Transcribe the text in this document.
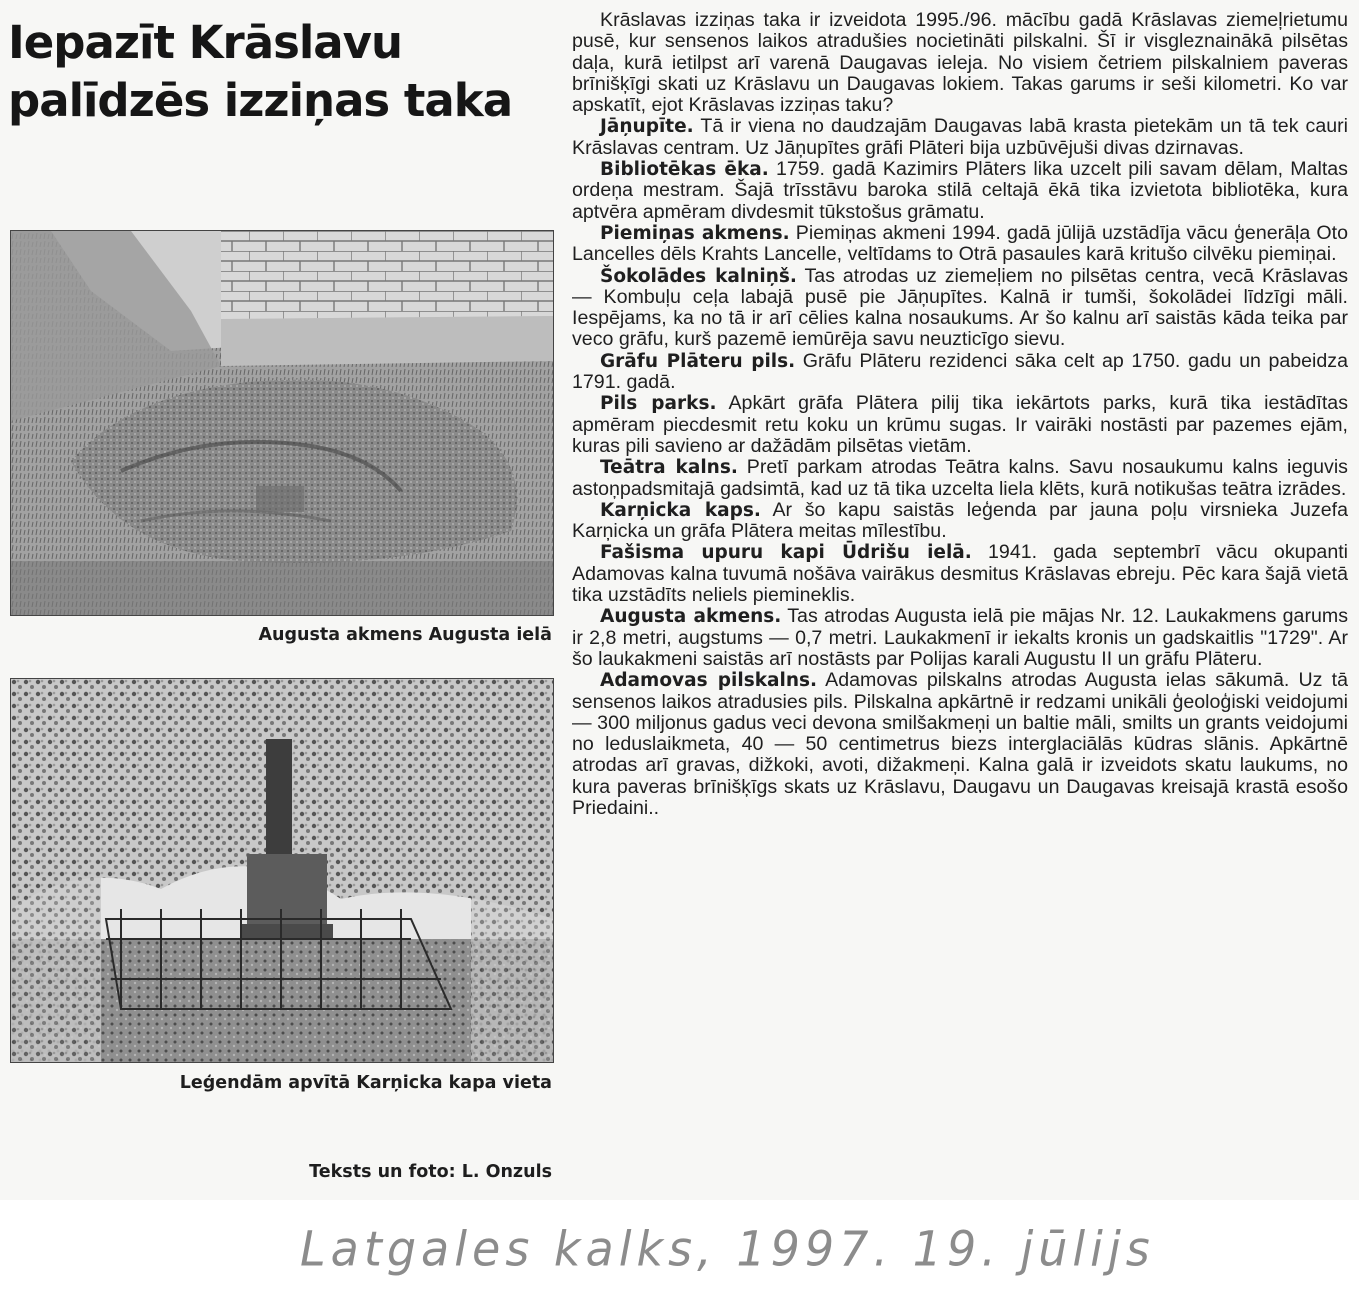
Iepazīt Krāslavu palīdzēs izziņas taka
Augusta akmens Augusta ielā
Leģendām apvītā Karņicka kapa vieta
Teksts un foto: L. Onzuls

Krāslavas izziņas taka ir izveidota 1995./96. mācību gadā Krāslavas ziemeļrietumu pusē, kur sensenos laikos atradušies nocietināti pilskalni. Šī ir visgleznainākā pilsētas daļa, kurā ietilpst arī varenā Daugavas ieleja. No visiem četriem pilskalniem paveras brīnišķīgi skati uz Krāslavu un Daugavas lokiem. Takas garums ir seši kilometri. Ko var apskatīt, ejot Krāslavas izziņas taku?

Jāņupīte. Tā ir viena no daudzajām Daugavas labā krasta pietekām un tā tek cauri Krāslavas centram. Uz Jāņupītes grāfi Plāteri bija uzbūvējuši divas dzirnavas.

Bibliotēkas ēka. 1759. gadā Kazimirs Plāters lika uzcelt pili savam dēlam, Maltas ordeņa mestram. Šajā trīsstāvu baroka stilā celtajā ēkā tika izvietota bibliotēka, kura aptvēra apmēram divdesmit tūkstošus grāmatu.

Piemiņas akmens. Piemiņas akmeni 1994. gadā jūlijā uzstādīja vācu ģenerāļa Oto Lancelles dēls Krahts Lancelle, veltīdams to Otrā pasaules karā kritušo cilvēku piemiņai.

Šokolādes kalniņš. Tas atrodas uz ziemeļiem no pilsētas centra, vecā Krāslavas — Kombuļu ceļa labajā pusē pie Jāņupītes. Kalnā ir tumši, šokolādei līdzīgi māli. Iespējams, ka no tā ir arī cēlies kalna nosaukums. Ar šo kalnu arī saistās kāda teika par veco grāfu, kurš pazemē iemūrēja savu neuzticīgo sievu.

Grāfu Plāteru pils. Grāfu Plāteru rezidenci sāka celt ap 1750. gadu un pabeidza 1791. gadā.

Pils parks. Apkārt grāfa Plātera pilij tika iekārtots parks, kurā tika iestādītas apmēram piecdesmit retu koku un krūmu sugas. Ir vairāki nostāsti par pazemes ejām, kuras pili savieno ar dažādām pilsētas vietām.

Teātra kalns. Pretī parkam atrodas Teātra kalns. Savu nosaukumu kalns ieguvis astoņpadsmitajā gadsimtā, kad uz tā tika uzcelta liela klēts, kurā notikušas teātra izrādes.

Karņicka kaps. Ar šo kapu saistās leģenda par jauna poļu virsnieka Juzefa Karņicka un grāfa Plātera meitas mīlestību.

Fašisma upuru kapi Ūdrišu ielā. 1941. gada septembrī vācu okupanti Adamovas kalna tuvumā nošāva vairākus desmitus Krāslavas ebreju. Pēc kara šajā vietā tika uzstādīts neliels piemineklis.

Augusta akmens. Tas atrodas Augusta ielā pie mājas Nr. 12. Laukakmens garums ir 2,8 metri, augstums — 0,7 metri. Laukakmenī ir iekalts kronis un gadskaitlis "1729". Ar šo laukakmeni saistās arī nostāsts par Polijas karali Augustu II un grāfu Plāteru.

Adamovas pilskalns. Adamovas pilskalns atrodas Augusta ielas sākumā. Uz tā sensenos laikos atradusies pils. Pilskalna apkārtnē ir redzami unikāli ģeoloģiski veidojumi — 300 miljonus gadus veci devona smilšakmeņi un baltie māli, smilts un grants veidojumi no leduslaikmeta, 40 — 50 centimetrus biezs interglaciālās kūdras slānis. Apkārtnē atrodas arī gravas, dižkoki, avoti, dižakmeņi. Kalna galā ir izveidots skatu laukums, no kura paveras brīnišķīgs skats uz Krāslavu, Daugavu un Daugavas kreisajā krastā esošo Priedaini..

Latgales kalks, 1997. 19. jūlijs
